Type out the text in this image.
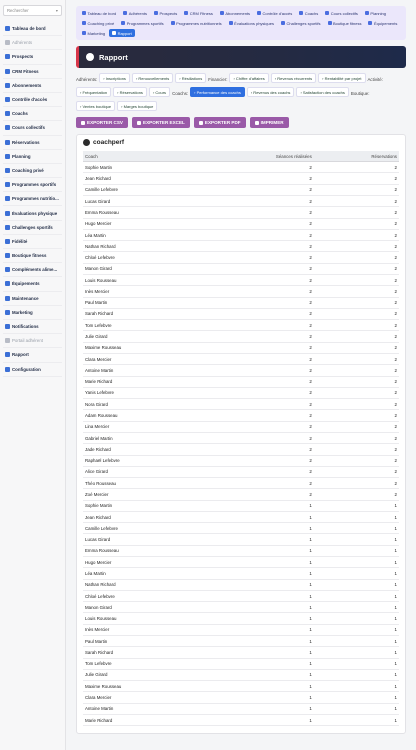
Rechercher	▾
Tableau de bord
Adhérents
Prospects
CRM Fitness
Abonnements
Contrôle d'accès
Coachs
Cours collectifs
Réservations
Planning
Coaching privé
Programmes sportifs
Programmes nutritio...
Évaluations physique
Challenges sportifs
Fidélité
Boutique fitness
Compléments alime...
Équipements
Maintenance
Marketing
Notifications
Portail adhérent
Rapport
Configuration
Tableau de bord	Adhérents	Prospects	CRM Fitness	Abonnements	Contrôle d'accès	Coachs	Cours collectifs	Planning
Coaching privé	Programmes sportifs	Programmes nutritionnels	Évaluations physiques	Challenges sportifs	Boutique fitness	Équipements
Marketing	Rapport
Rapport
Adhérents:	› Inscriptions	› Renouvellements	› Résiliations	Financier:	› Chiffre d'affaires	› Revenus récurrents	› Rentabilité par projet	Activité:
› Fréquentation	› Réservations	› Cours	Coachs:	› Performance des coachs	› Revenus des coachs	› Satisfaction des coachs	Boutique:
› Ventes boutique	› Marges boutique
EXPORTER CSV	EXPORTER EXCEL	EXPORTER PDF	IMPRIMER
coachperf
Coach	Séances réalisées	Réservations
Sophie Martin	2	2
Jean Richard	2	2
Camille Lefebvre	2	2
Lucas Girard	2	2
Emma Rousseau	2	2
Hugo Mercier	2	2
Léa Martin	2	2
Nathan Richard	2	2
Chloé Lefebvre	2	2
Manon Girard	2	2
Louis Rousseau	2	2
Inès Mercier	2	2
Paul Martin	2	2
Sarah Richard	2	2
Tom Lefebvre	2	2
Julie Girard	2	2
Maxime Rousseau	2	2
Clara Mercier	2	2
Antoine Martin	2	2
Marie Richard	2	2
Yanis Lefebvre	2	2
Nora Girard	2	2
Adam Rousseau	2	2
Lina Mercier	2	2
Gabriel Martin	2	2
Jade Richard	2	2
Raphaël Lefebvre	2	2
Alice Girard	2	2
Théo Rousseau	2	2
Zoé Mercier	2	2
Sophie Martin	1	1
Jean Richard	1	1
Camille Lefebvre	1	1
Lucas Girard	1	1
Emma Rousseau	1	1
Hugo Mercier	1	1
Léa Martin	1	1
Nathan Richard	1	1
Chloé Lefebvre	1	1
Manon Girard	1	1
Louis Rousseau	1	1
Inès Mercier	1	1
Paul Martin	1	1
Sarah Richard	1	1
Tom Lefebvre	1	1
Julie Girard	1	1
Maxime Rousseau	1	1
Clara Mercier	1	1
Antoine Martin	1	1
Marie Richard	1	1
